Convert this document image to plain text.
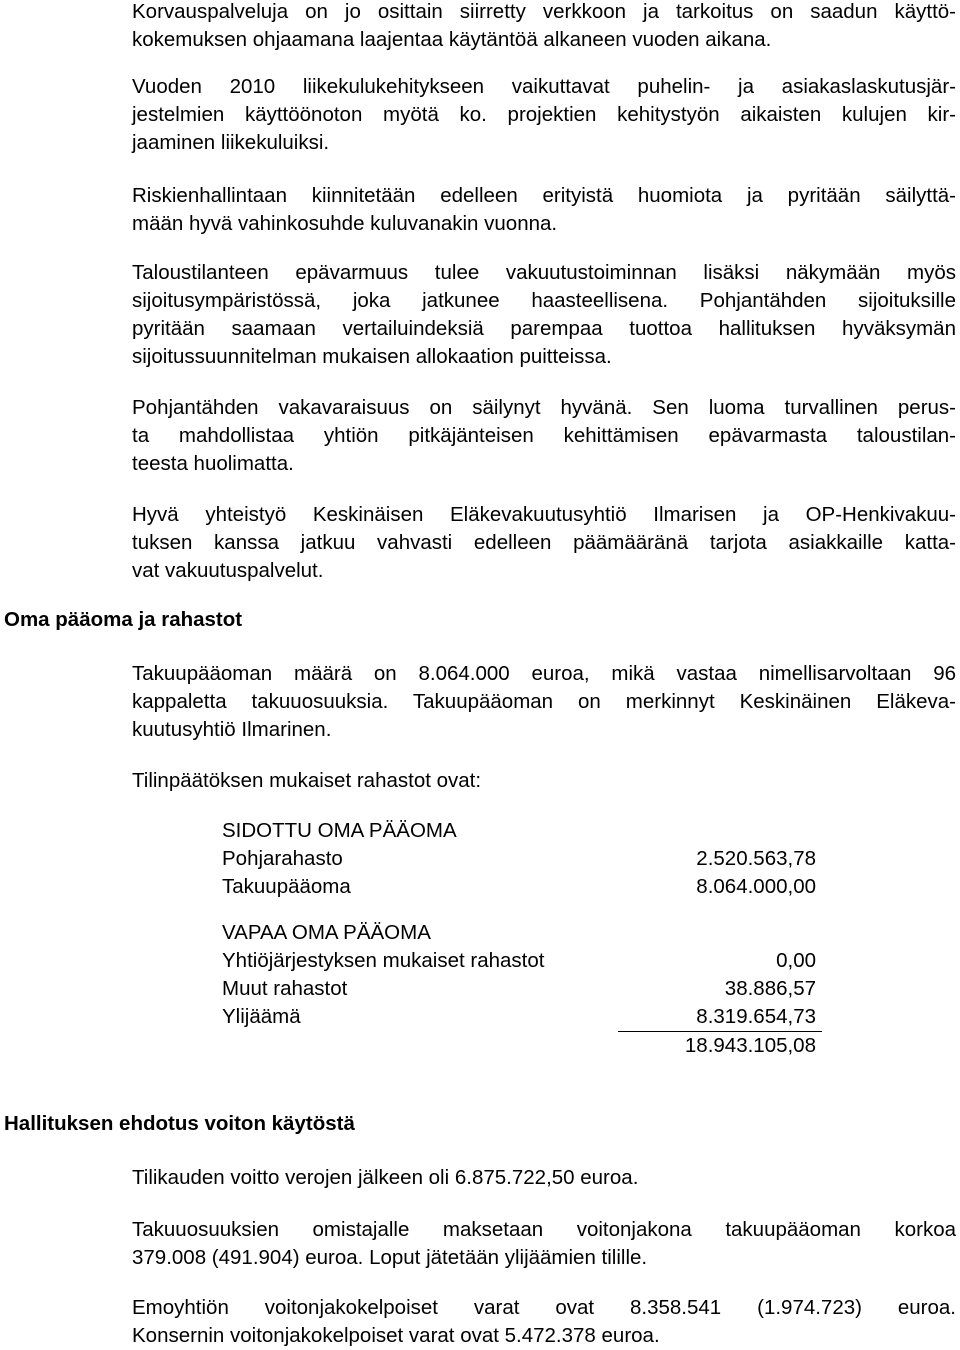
Korvauspalveluja on jo osittain siirretty verkkoon ja tarkoitus on saadun käyttö-
kokemuksen ohjaamana laajentaa käytäntöä alkaneen vuoden aikana.
Vuoden 2010 liikekulukehitykseen vaikuttavat puhelin- ja asiakaslaskutusjär-
jestelmien käyttöönoton myötä ko. projektien kehitystyön aikaisten kulujen kir-
jaaminen liikekuluiksi.
Riskienhallintaan kiinnitetään edelleen erityistä huomiota ja pyritään säilyttä-
mään hyvä vahinkosuhde kuluvanakin vuonna.
Taloustilanteen epävarmuus tulee vakuutustoiminnan lisäksi näkymään myös
sijoitusympäristössä, joka jatkunee haasteellisena. Pohjantähden sijoituksille
pyritään saamaan vertailuindeksiä parempaa tuottoa hallituksen hyväksymän
sijoitussuunnitelman mukaisen allokaation puitteissa.
Pohjantähden vakavaraisuus on säilynyt hyvänä. Sen luoma turvallinen perus-
ta mahdollistaa yhtiön pitkäjänteisen kehittämisen epävarmasta taloustilan-
teesta huolimatta.
Hyvä yhteistyö Keskinäisen Eläkevakuutusyhtiö Ilmarisen ja OP-Henkivakuu-
tuksen kanssa jatkuu vahvasti edelleen päämääränä tarjota asiakkaille katta-
vat vakuutuspalvelut.
Oma pääoma ja rahastot
Takuupääoman määrä on 8.064.000 euroa, mikä vastaa nimellisarvoltaan 96
kappaletta takuuosuuksia. Takuupääoman on merkinnyt Keskinäinen Eläkeva-
kuutusyhtiö Ilmarinen.
Tilinpäätöksen mukaiset rahastot ovat:
SIDOTTU OMA PÄÄOMA	
Pohjarahasto	2.520.563,78
Takuupääoma	8.064.000,00

VAPAA OMA PÄÄOMA	
Yhtiöjärjestyksen mukaiset rahastot	0,00
Muut rahastot	38.886,57
Ylijäämä	8.319.654,73
	18.943.105,08
Hallituksen ehdotus voiton käytöstä
Tilikauden voitto verojen jälkeen oli 6.875.722,50 euroa.
Takuuosuuksien omistajalle maksetaan voitonjakona takuupääoman korkoa
379.008 (491.904) euroa. Loput jätetään ylijäämien tilille.
Emoyhtiön voitonjakokelpoiset varat ovat 8.358.541 (1.974.723) euroa.
Konsernin voitonjakokelpoiset varat ovat 5.472.378 euroa.
